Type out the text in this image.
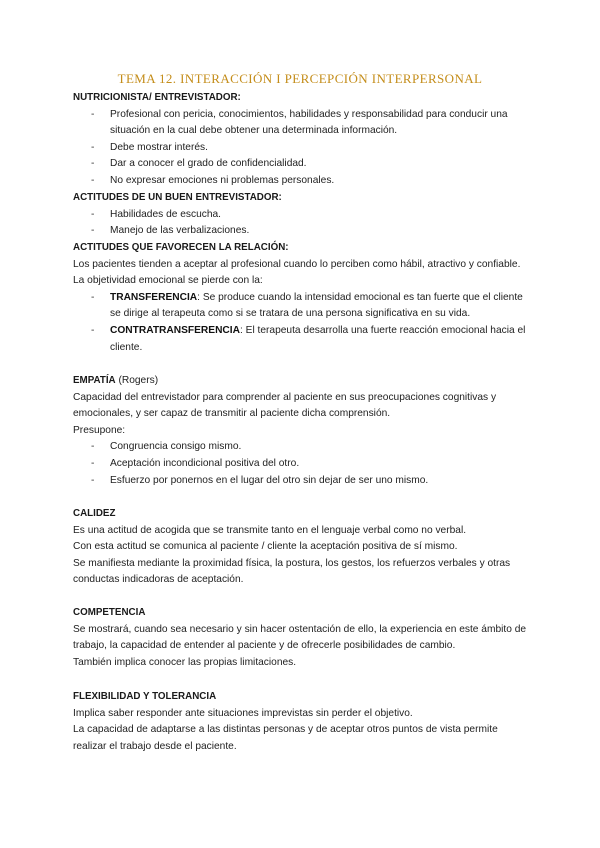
TEMA 12. INTERACCIÓN I PERCEPCIÓN INTERPERSONAL
NUTRICIONISTA/ ENTREVISTADOR:
- Profesional con pericia, conocimientos, habilidades y responsabilidad para conducir una situación en la cual debe obtener una determinada información.
- Debe mostrar interés.
- Dar a conocer el grado de confidencialidad.
- No expresar emociones ni problemas personales.
ACTITUDES DE UN BUEN ENTREVISTADOR:
- Habilidades de escucha.
- Manejo de las verbalizaciones.
ACTITUDES QUE FAVORECEN LA RELACIÓN:

Los pacientes tienden a aceptar al profesional cuando lo perciben como hábil, atractivo y confiable.

La objetividad emocional se pierde con la:

- TRANSFERENCIA: Se produce cuando la intensidad emocional es tan fuerte que el cliente se dirige al terapeuta como si se tratara de una persona significativa en su vida.
- CONTRATRANSFERENCIA: El terapeuta desarrolla una fuerte reacción emocional hacia el cliente.
EMPATÍA (Rogers)

Capacidad del entrevistador para comprender al paciente en sus preocupaciones cognitivas y emocionales, y ser capaz de transmitir al paciente dicha comprensión.

Presupone:

- Congruencia consigo mismo.
- Aceptación incondicional positiva del otro.
- Esfuerzo por ponernos en el lugar del otro sin dejar de ser uno mismo.
CALIDEZ

Es una actitud de acogida que se transmite tanto en el lenguaje verbal como no verbal.

Con esta actitud se comunica al paciente / cliente la aceptación positiva de sí mismo.

Se manifiesta mediante la proximidad física, la postura, los gestos, los refuerzos verbales y otras conductas indicadoras de aceptación.

COMPETENCIA

Se mostrará, cuando sea necesario y sin hacer ostentación de ello, la experiencia en este ámbito de trabajo, la capacidad de entender al paciente y de ofrecerle posibilidades de cambio.

También implica conocer las propias limitaciones.

FLEXIBILIDAD Y TOLERANCIA

Implica saber responder ante situaciones imprevistas sin perder el objetivo.

La capacidad de adaptarse a las distintas personas y de aceptar otros puntos de vista permite realizar el trabajo desde el paciente.
